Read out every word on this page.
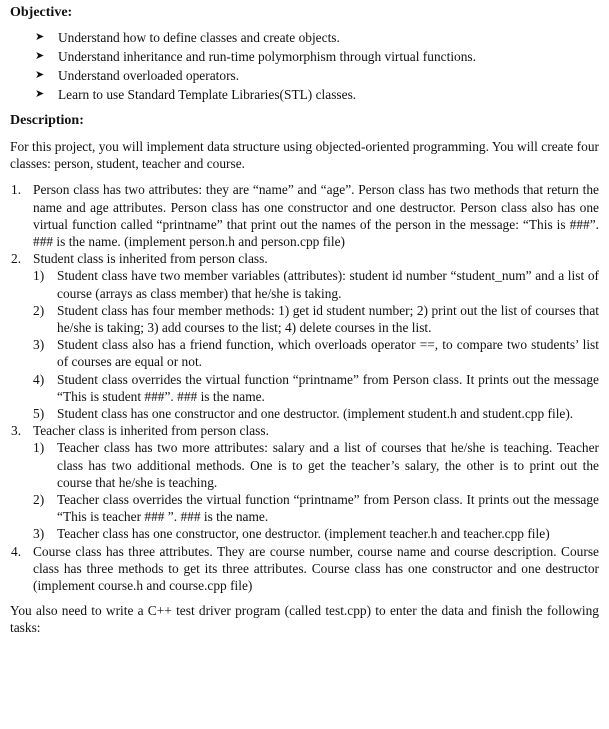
Objective:

➤ Understand how to define classes and create objects.
➤ Understand inheritance and run-time polymorphism through virtual functions.
➤ Understand overloaded operators.
➤ Learn to use Standard Template Libraries(STL) classes.

Description:

For this project, you will implement data structure using objected-oriented programming. You will create four classes: person, student, teacher and course.

1. Person class has two attributes: they are “name” and “age”. Person class has two methods that return the name and age attributes. Person class has one constructor and one destructor. Person class also has one virtual function called “printname” that print out the names of the person in the message: “This is ###”. ### is the name. (implement person.h and person.cpp file)
2. Student class is inherited from person class.
1) Student class have two member variables (attributes): student id number “student_num” and a list of course (arrays as class member) that he/she is taking.
2) Student class has four member methods: 1) get id student number; 2) print out the list of courses that he/she is taking; 3) add courses to the list; 4) delete courses in the list.
3) Student class also has a friend function, which overloads operator ==, to compare two students’ list of courses are equal or not.
4) Student class overrides the virtual function “printname” from Person class. It prints out the message “This is student ###”. ### is the name.
5) Student class has one constructor and one destructor. (implement student.h and student.cpp file).
3. Teacher class is inherited from person class.
1) Teacher class has two more attributes: salary and a list of courses that he/she is teaching. Teacher class has two additional methods. One is to get the teacher’s salary, the other is to print out the course that he/she is teaching.
2) Teacher class overrides the virtual function “printname” from Person class. It prints out the message “This is teacher ### ”. ### is the name.
3) Teacher class has one constructor, one destructor. (implement teacher.h and teacher.cpp file)
4. Course class has three attributes. They are course number, course name and course description. Course class has three methods to get its three attributes. Course class has one constructor and one destructor (implement course.h and course.cpp file)

You also need to write a C++ test driver program (called test.cpp) to enter the data and finish the following tasks:
